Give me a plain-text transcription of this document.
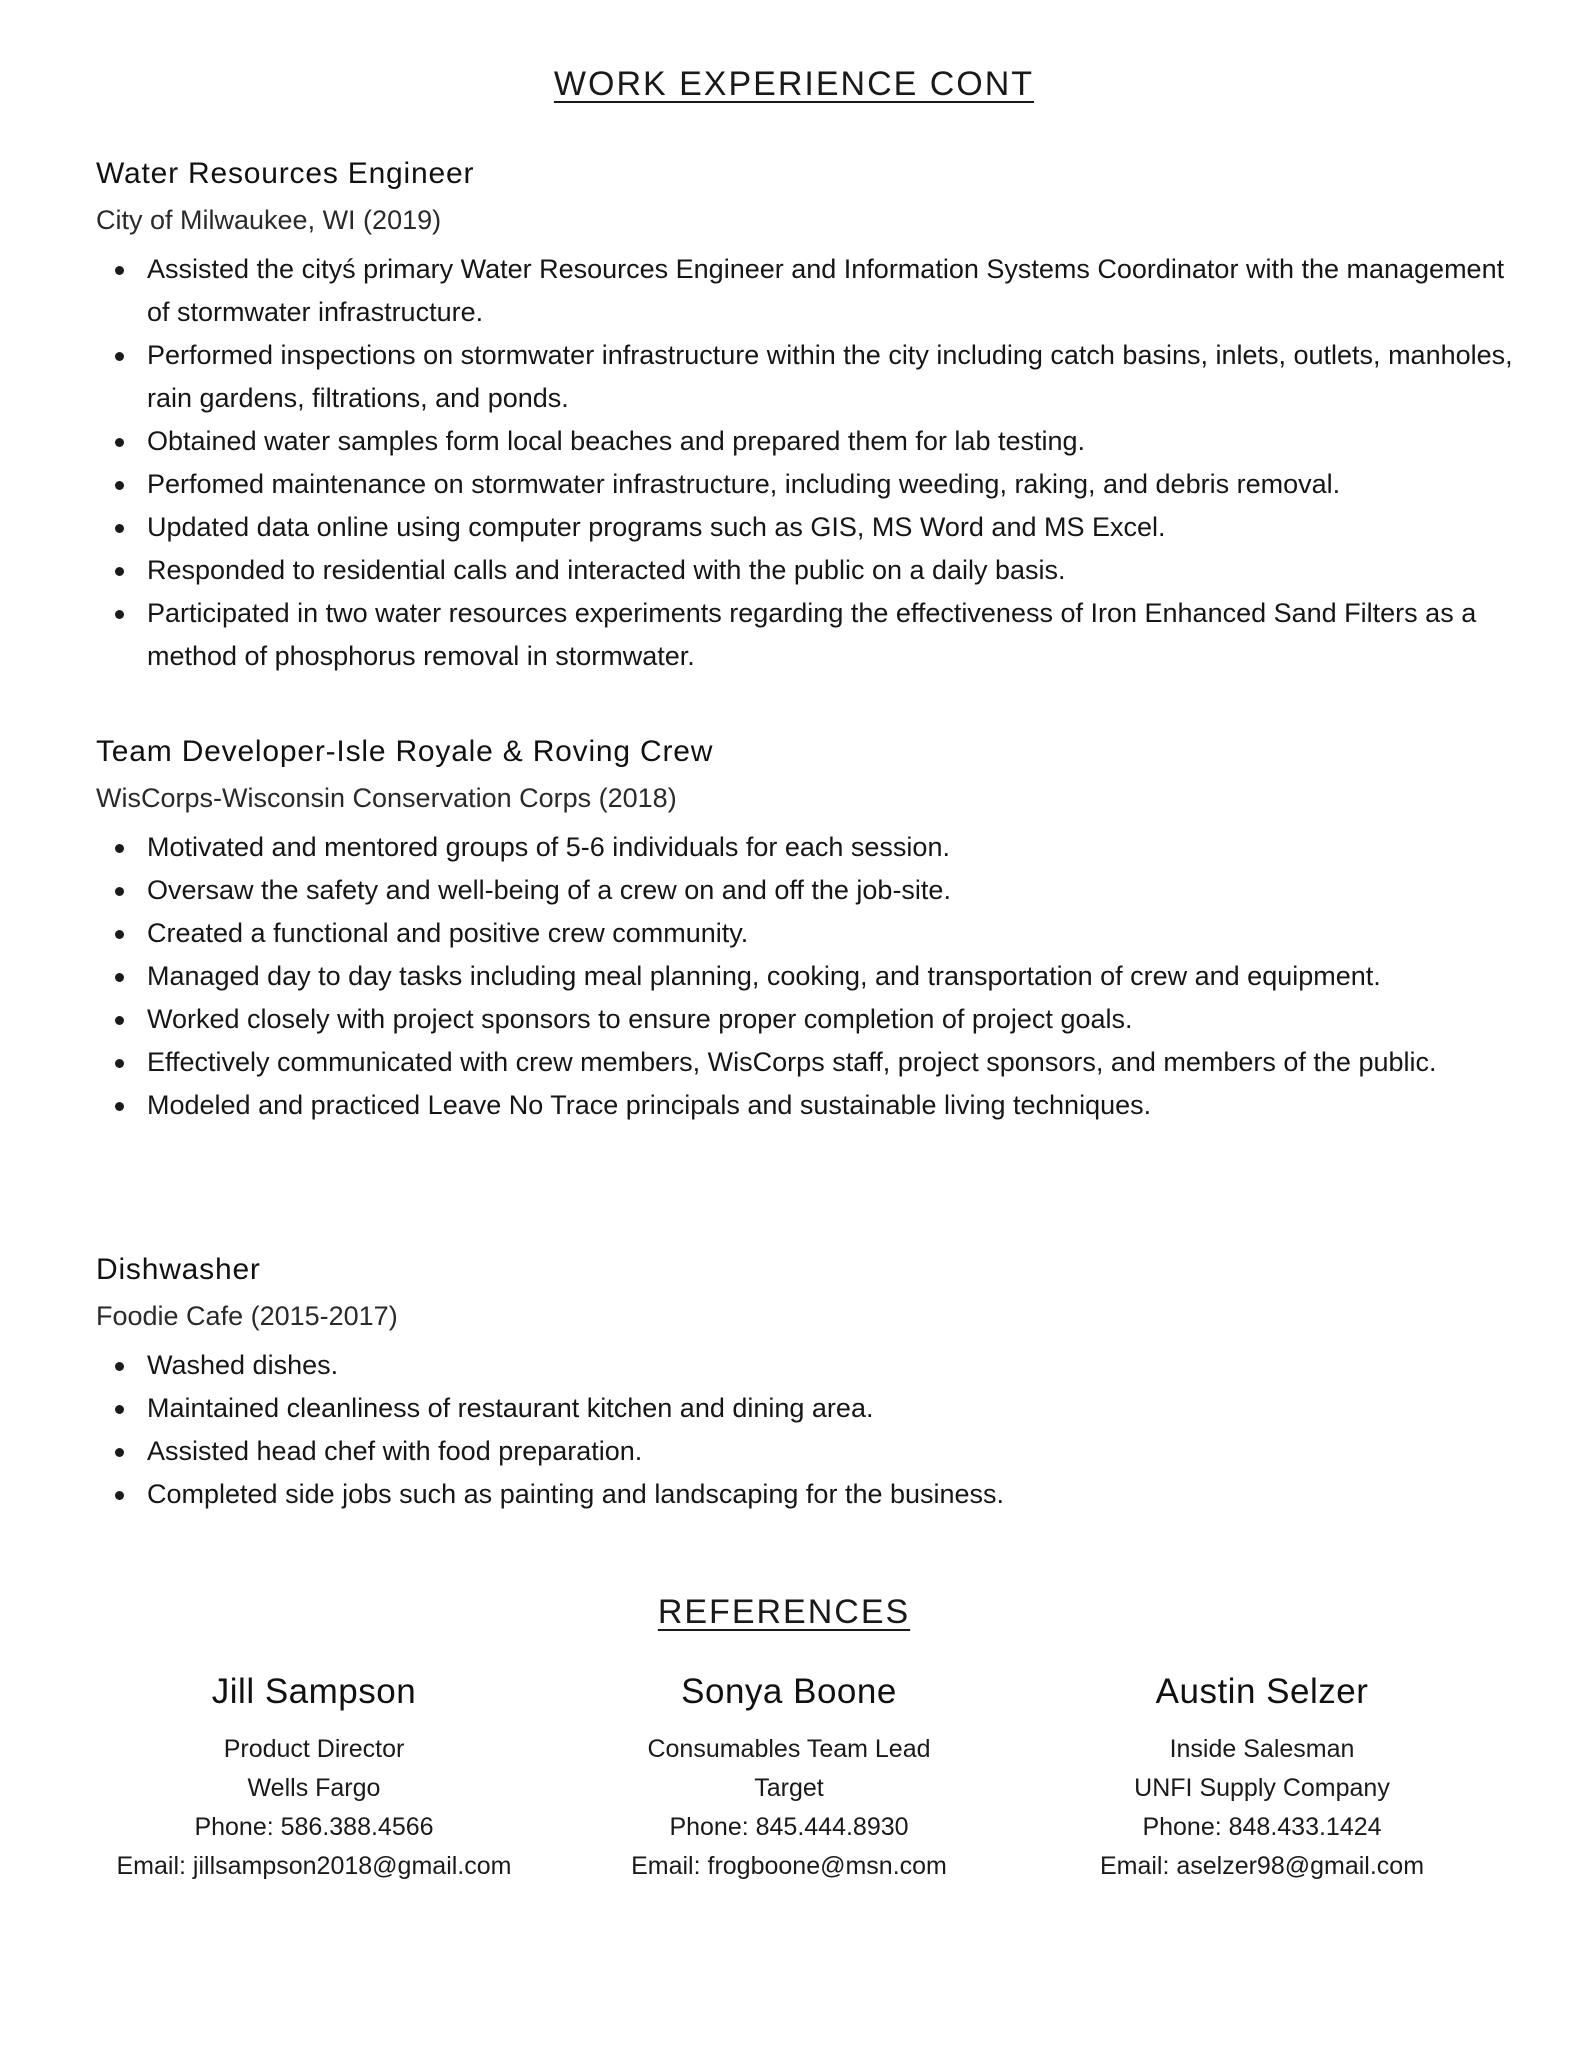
WORK EXPERIENCE CONT
Water Resources Engineer
City of Milwaukee, WI (2019)
Assisted the cityś primary Water Resources Engineer and Information Systems Coordinator with the management of stormwater infrastructure.
Performed inspections on stormwater infrastructure within the city including catch basins, inlets, outlets, manholes, rain gardens, filtrations, and ponds.
Obtained water samples form local beaches and prepared them for lab testing.
Perfomed maintenance on stormwater infrastructure, including weeding, raking, and debris removal.
Updated data online using computer programs such as GIS, MS Word and MS Excel.
Responded to residential calls and interacted with the public on a daily basis.
Participated in two water resources experiments regarding the effectiveness of Iron Enhanced Sand Filters as a method of phosphorus removal in stormwater.
Team Developer-Isle Royale & Roving Crew
WisCorps-Wisconsin Conservation Corps (2018)
Motivated and mentored groups of 5-6 individuals for each session.
Oversaw the safety and well-being of a crew on and off the job-site.
Created a functional and positive crew community.
Managed day to day tasks including meal planning, cooking, and transportation of crew and equipment.
Worked closely with project sponsors to ensure proper completion of project goals.
Effectively communicated with crew members, WisCorps staff, project sponsors, and members of the public.
Modeled and practiced Leave No Trace principals and sustainable living techniques.
Dishwasher
Foodie Cafe (2015-2017)
Washed dishes.
Maintained cleanliness of restaurant kitchen and dining area.
Assisted head chef with food preparation.
Completed side jobs such as painting and landscaping for the business.
REFERENCES
Jill Sampson
Product Director
Wells Fargo
Phone: 586.388.4566
Email: jillsampson2018@gmail.com
Sonya Boone
Consumables Team Lead
Target
Phone: 845.444.8930
Email: frogboone@msn.com
Austin Selzer
Inside Salesman
UNFI Supply Company
Phone: 848.433.1424
Email: aselzer98@gmail.com
